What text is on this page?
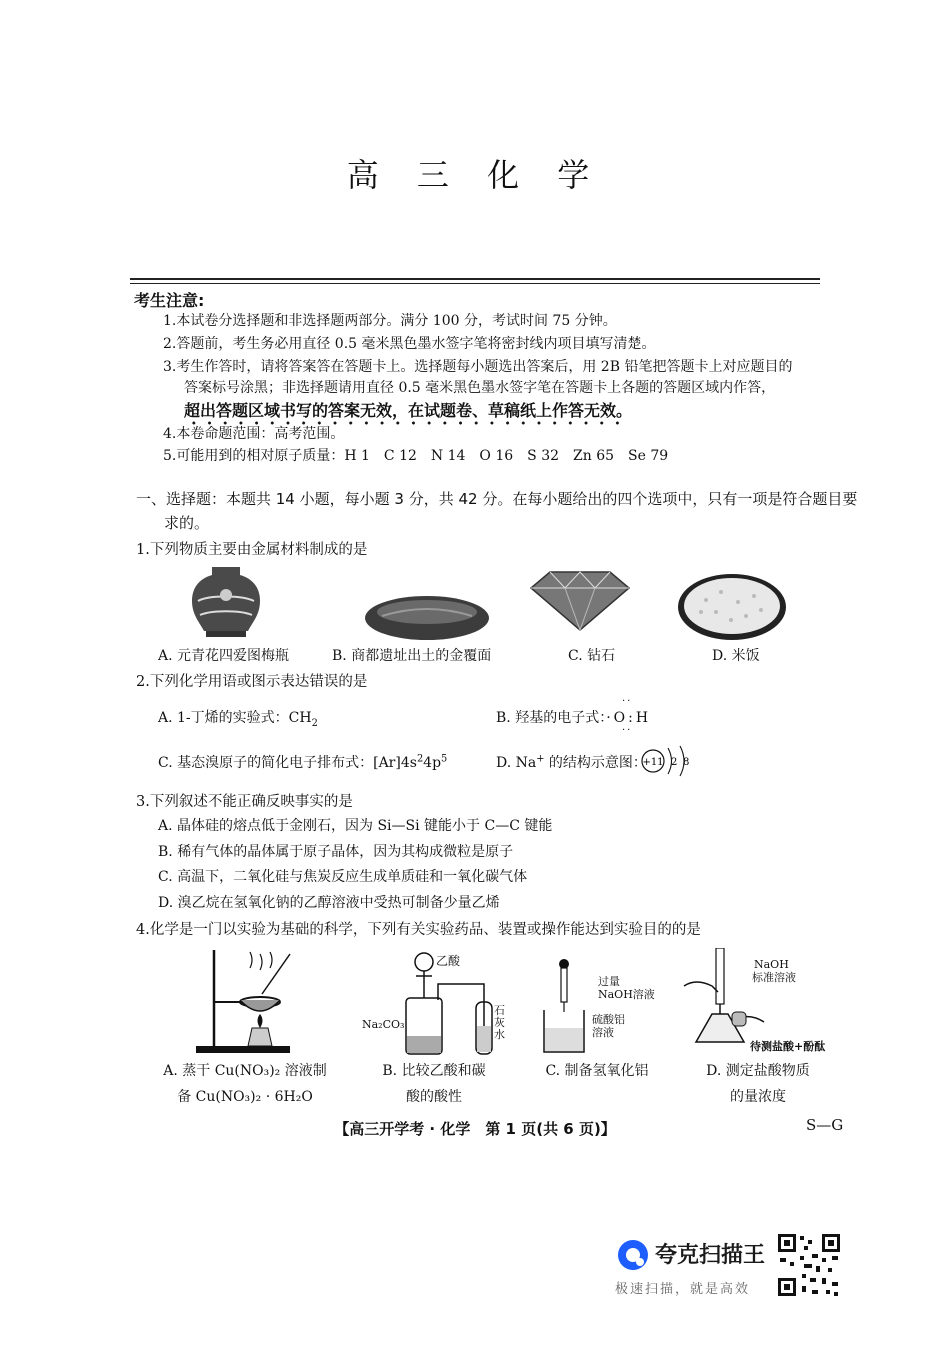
高 三 化 学
考生注意:
1.本试卷分选择题和非选择题两部分。满分 100 分，考试时间 75 分钟。
2.答题前，考生务必用直径 0.5 毫米黑色墨水签字笔将密封线内项目填写清楚。
3.考生作答时，请将答案答在答题卡上。选择题每小题选出答案后，用 2B 铅笔把答题卡上对应题目的
答案标号涂黑；非选择题请用直径 0.5 毫米黑色墨水签字笔在答题卡上各题的答题区域内作答，
超出答题区域书写的答案无效，在试题卷、草稿纸上作答无效。
4.本卷命题范围：高考范围。
5.可能用到的相对原子质量：H 1　C 12　N 14　O 16　S 32　Zn 65　Se 79
一、选择题：本题共 14 小题，每小题 3 分，共 42 分。在每小题给出的四个选项中，只有一项是符合题目要
求的。
1.下列物质主要由金属材料制成的是
A. 元青花四爱图梅瓶	B. 商都遗址出土的金覆面	C. 钻石	D. 米饭
2.下列化学用语或图示表达错误的是
A. 1-丁烯的实验式：$CH_2$	B. 羟基的电子式：·O:H
··
··
C. 基态溴原子的简化电子排布式：$[Ar]4s^24p^5$	D. Na+ 的结构示意图：
+11 2 8
3.下列叙述不能正确反映事实的是
A. 晶体硅的熔点低于金刚石，因为 Si—Si 键能小于 C—C 键能
B. 稀有气体的晶体属于原子晶体，因为其构成微粒是原子
C. 高温下，二氧化硅与焦炭反应生成单质硅和一氧化碳气体
D. 溴乙烷在氢氧化钠的乙醇溶液中受热可制备少量乙烯
4.化学是一门以实验为基础的科学，下列有关实验药品、装置或操作能达到实验目的的是
乙酸
Na₂CO₃
石
灰
水
过量
NaOH溶液
硫酸铝
溶液
NaOH
标准溶液
待测盐酸+酚酞
A. 蒸干 Cu(NO₃)₂ 溶液制
备 Cu(NO₃)₂ · 6H₂O
B. 比较乙酸和碳
酸的酸性
C. 制备氢氧化铝	D. 测定盐酸物质
的量浓度
【高三开学考 · 化学　第 1 页(共 6 页)】	S—G
夸克扫描王
极速扫描，就是高效
